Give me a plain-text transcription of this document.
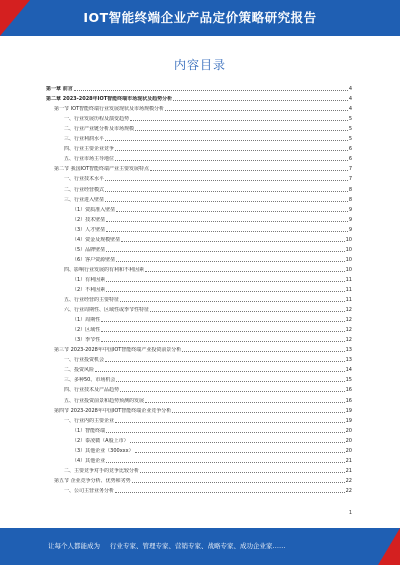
IOT智能终端企业产品定价策略研究报告
内容目录
第一章 前言	4
第二章 2023-2028年IOT智能终端市场现状及趋势分析	4
第一节 IOT智能终端行业发展现状及市场规模分析	4
一、行业发展历程及演变趋势	5
二、行业产业链分析及市场规模	5
三、行业利润水平	5
四、行业主要企业竞争	6
五、行业市场主导地位	6
第二节 我国IOT智能终端产业主要发展特点	7
一、行业技术水平	7
二、行业经营模式	8
三、行业进入壁垒	8
（1）资质准入壁垒	9
（2）技术壁垒	9
（3）人才壁垒	9
（4）资金及规模壁垒	10
（5）品牌壁垒	10
（6）客户资源壁垒	10
四、影响行业发展的有利和不利因素	10
（1）有利因素	11
（2）不利因素	11
五、行业经营的主要特征	11
六、行业周期性、区域性或季节性特征	12
（1）周期性	12
（2）区域性	12
（3）季节性	12
第三节 2023-2028年中国IOT智能终端产业投资前景分析	13
一、行业投资机会	13
二、投资风险	14
三、多种50、市场机会	15
四、行业技术及产品趋势	16
五、行业投资前景和趋势预测的发展	16
第四节 2023-2028年中国IOT智能终端企业竞争分析	19
一、行业内的主要企业	19
（1）智能终端	20
（2）泰凌微（A股上市）	20
（3）其他企业（300xxx）	20
（4）其他企业	21
二、主要竞争对手的竞争比较分析	21
第五节 企业竞争分析、优势和劣势	22
一、公司主营业务分析	22
1
让每个人都能成为 行业专家、管理专家、营销专家、战略专家、成功企业家……
